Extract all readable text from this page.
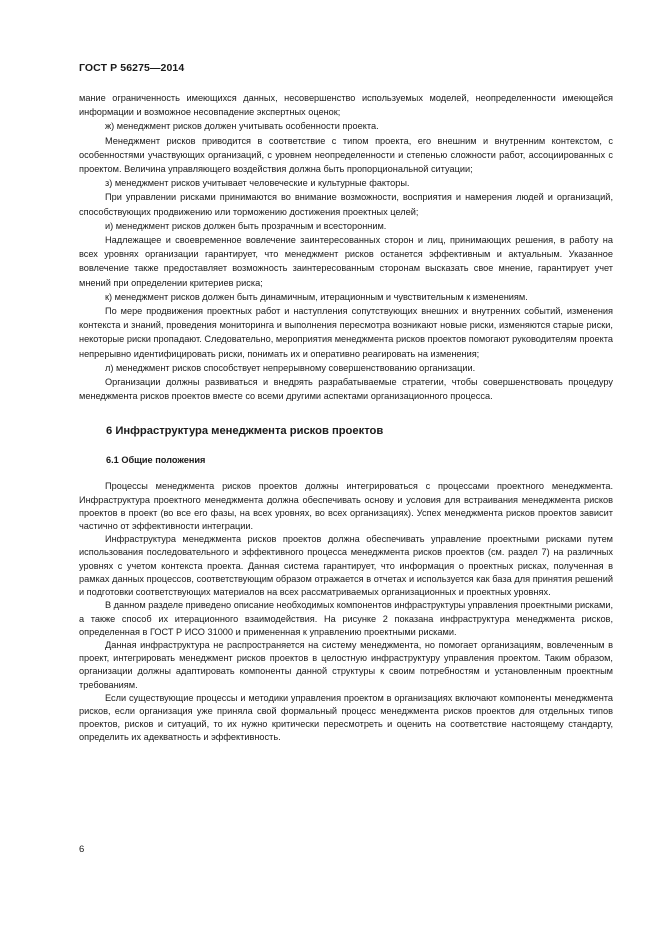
ГОСТ Р 56275—2014

мание ограниченность имеющихся данных, несовершенство используемых моделей, неопределенности имеющейся информации и возможное несовпадение экспертных оценок;

ж) менеджмент рисков должен учитывать особенности проекта.

Менеджмент рисков приводится в соответствие с типом проекта, его внешним и внутренним контекстом, с особенностями участвующих организаций, с уровнем неопределенности и степенью сложности работ, ассоциированных с проектом. Величина управляющего воздействия должна быть пропорциональной ситуации;

з) менеджмент рисков учитывает человеческие и культурные факторы.

При управлении рисками принимаются во внимание возможности, восприятия и намерения людей и организаций, способствующих продвижению или торможению достижения проектных целей;

и) менеджмент рисков должен быть прозрачным и всесторонним.

Надлежащее и своевременное вовлечение заинтересованных сторон и лиц, принимающих решения, в работу на всех уровнях организации гарантирует, что менеджмент рисков останется эффективным и актуальным. Указанное вовлечение также предоставляет возможность заинтересованным сторонам высказать свое мнение, гарантирует учет мнений при определении критериев риска;

к) менеджмент рисков должен быть динамичным, итерационным и чувствительным к изменениям.

По мере продвижения проектных работ и наступления сопутствующих внешних и внутренних событий, изменения контекста и знаний, проведения мониторинга и выполнения пересмотра возникают новые риски, изменяются старые риски, некоторые риски пропадают. Следовательно, мероприятия менеджмента рисков проектов помогают руководителям проекта непрерывно идентифицировать риски, понимать их и оперативно реагировать на изменения;

л) менеджмент рисков способствует непрерывному совершенствованию организации.

Организации должны развиваться и внедрять разрабатываемые стратегии, чтобы совершенствовать процедуру менеджмента рисков проектов вместе со всеми другими аспектами организационного процесса.

6 Инфраструктура менеджмента рисков проектов
6.1 Общие положения

Процессы менеджмента рисков проектов должны интегрироваться с процессами проектного менеджмента. Инфраструктура проектного менеджмента должна обеспечивать основу и условия для встраивания менеджмента рисков проектов в проект (во все его фазы, на всех уровнях, во всех организациях). Успех менеджмента рисков проектов зависит частично от эффективности интеграции.

Инфраструктура менеджмента рисков проектов должна обеспечивать управление проектными рисками путем использования последовательного и эффективного процесса менеджмента рисков проектов (см. раздел 7) на различных уровнях с учетом контекста проекта. Данная система гарантирует, что информация о проектных рисках, полученная в рамках данных процессов, соответствующим образом отражается в отчетах и используется как база для принятия решений и подготовки соответствующих материалов на всех рассматриваемых организационных и проектных уровнях.

В данном разделе приведено описание необходимых компонентов инфраструктуры управления проектными рисками, а также способ их итерационного взаимодействия. На рисунке 2 показана инфраструктура менеджмента рисков, определенная в ГОСТ Р ИСО 31000 и примененная к управлению проектными рисками.

Данная инфраструктура не распространяется на систему менеджмента, но помогает организациям, вовлеченным в проект, интегрировать менеджмент рисков проектов в целостную инфраструктуру управления проектом. Таким образом, организации должны адаптировать компоненты данной структуры к своим потребностям и установленным проектным требованиям.

Если существующие процессы и методики управления проектом в организациях включают компоненты менеджмента рисков, если организация уже приняла свой формальный процесс менеджмента рисков проектов для отдельных типов проектов, рисков и ситуаций, то их нужно критически пересмотреть и оценить на соответствие настоящему стандарту, определить их адекватность и эффективность.

6
